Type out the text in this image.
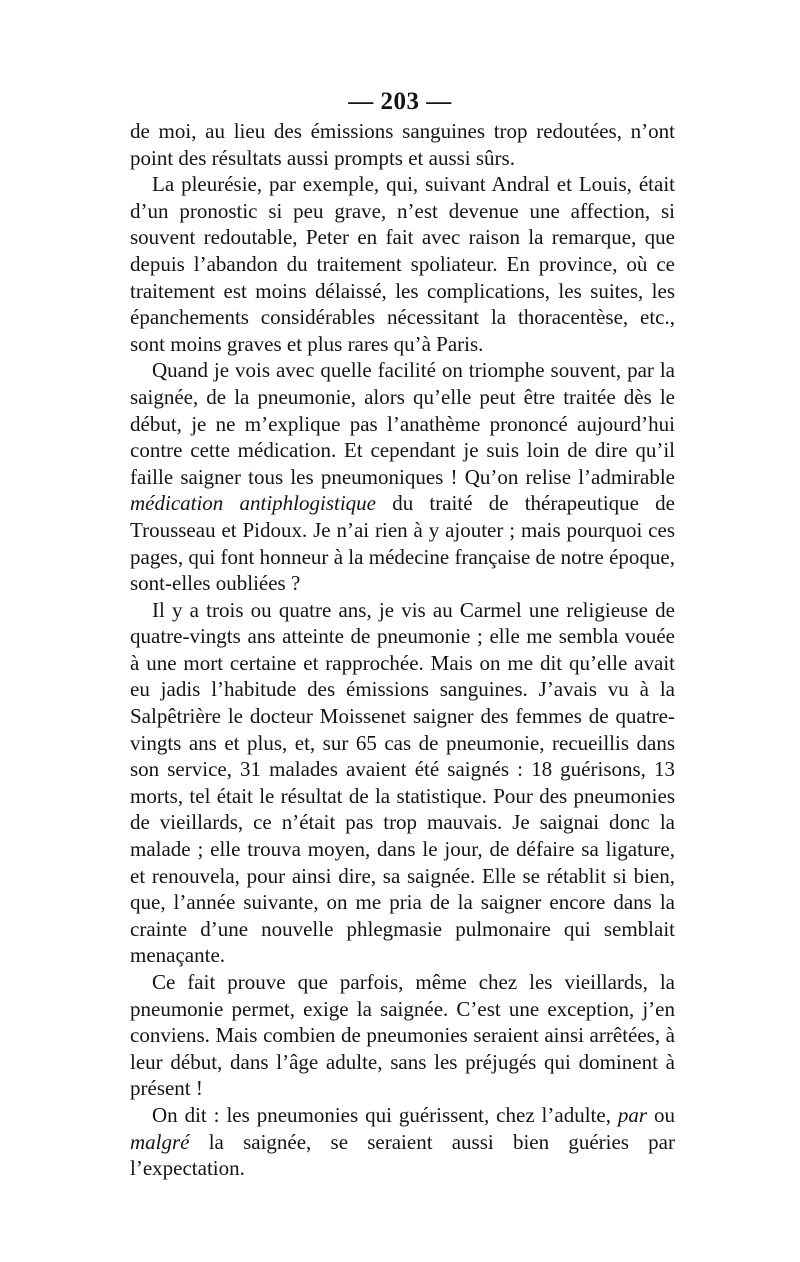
— 203 —

de moi, au lieu des émissions sanguines trop redoutées, n’ont point des résultats aussi prompts et aussi sûrs.

La pleurésie, par exemple, qui, suivant Andral et Louis, était d’un pronostic si peu grave, n’est devenue une affection, si souvent redoutable, Peter en fait avec raison la remarque, que depuis l’abandon du traitement spoliateur. En province, où ce traitement est moins délaissé, les complications, les suites, les épanchements considérables nécessitant la thoracentèse, etc., sont moins graves et plus rares qu’à Paris.

Quand je vois avec quelle facilité on triomphe souvent, par la saignée, de la pneumonie, alors qu’elle peut être traitée dès le début, je ne m’explique pas l’anathème prononcé aujourd’hui contre cette médication. Et cependant je suis loin de dire qu’il faille saigner tous les pneumoniques ! Qu’on relise l’admirable médication antiphlogistique du traité de thérapeutique de Trousseau et Pidoux. Je n’ai rien à y ajouter ; mais pourquoi ces pages, qui font honneur à la médecine française de notre époque, sont-elles oubliées ?

Il y a trois ou quatre ans, je vis au Carmel une religieuse de quatre-vingts ans atteinte de pneumonie ; elle me sembla vouée à une mort certaine et rapprochée. Mais on me dit qu’elle avait eu jadis l’habitude des émissions sanguines. J’avais vu à la Salpêtrière le docteur Moissenet saigner des femmes de quatre-vingts ans et plus, et, sur 65 cas de pneumonie, recueillis dans son service, 31 malades avaient été saignés : 18 guérisons, 13 morts, tel était le résultat de la statistique. Pour des pneumonies de vieillards, ce n’était pas trop mauvais. Je saignai donc la malade ; elle trouva moyen, dans le jour, de défaire sa ligature, et renouvela, pour ainsi dire, sa saignée. Elle se rétablit si bien, que, l’année suivante, on me pria de la saigner encore dans la crainte d’une nouvelle phlegmasie pulmonaire qui semblait menaçante.

Ce fait prouve que parfois, même chez les vieillards, la pneumonie permet, exige la saignée. C’est une exception, j’en conviens. Mais combien de pneumonies seraient ainsi arrêtées, à leur début, dans l’âge adulte, sans les préjugés qui dominent à présent !

On dit : les pneumonies qui guérissent, chez l’adulte, par ou malgré la saignée, se seraient aussi bien guéries par l’expectation.
